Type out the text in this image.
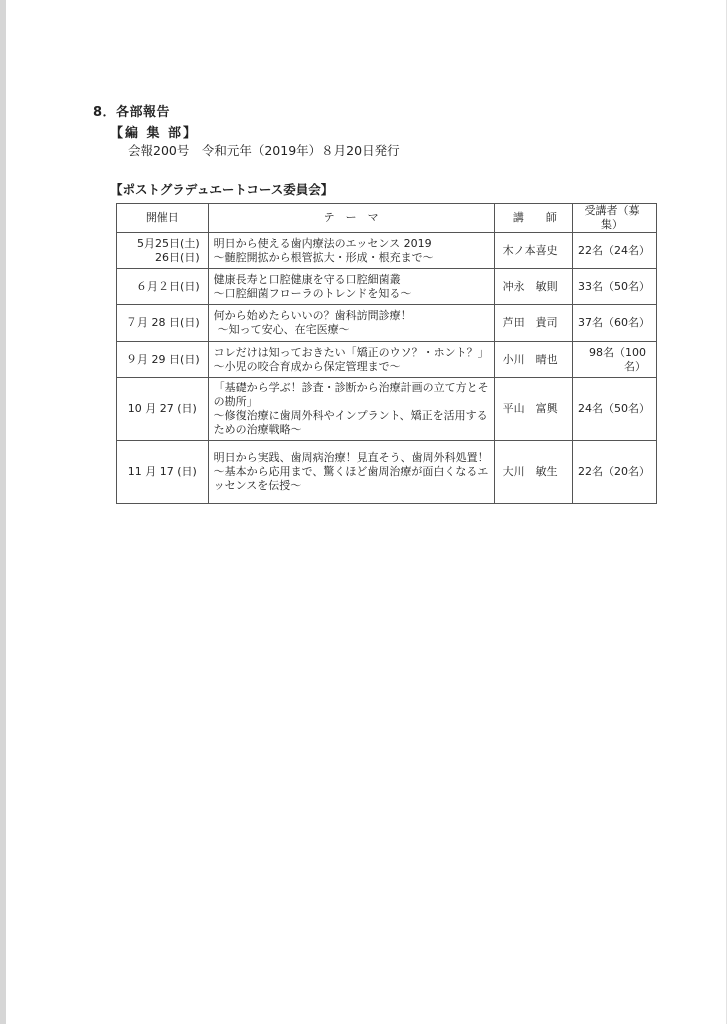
8．各部報告
【編 集 部】
会報200号　令和元年（2019年）８月20日発行
【ポストグラデュエートコース委員会】
開催日	テ　ー　マ	講　　師	受講者（募集）

5月25日(土)
26日(日)	明日から使える歯内療法のエッセンス 2019
〜髄腔開拡から根管拡大・形成・根充まで〜	木ノ本喜史	22名（24名）

６月２日(日)	健康長寿と口腔健康を守る口腔細菌叢
〜口腔細菌フローラのトレンドを知る〜	冲永　敏則	33名（50名）

７月 28 日(日)	何から始めたらいいの？歯科訪問診療！
〜知って安心、在宅医療〜	芦田　貴司	37名（60名）

９月 29 日(日)	コレだけは知っておきたい「矯正のウソ？・ホント？」
〜小児の咬合育成から保定管理まで〜	小川　晴也	98名（100名）

10 月 27 (日)	「基礎から学ぶ！診査・診断から治療計画の立て方とその勘所」
〜修復治療に歯周外科やインプラント、矯正を活用するための治療戦略〜	平山　富興	24名（50名）

11 月 17 (日)	明日から実践、歯周病治療！見直そう、歯周外科処置！
〜基本から応用まで、驚くほど歯周治療が面白くなるエッセンスを伝授〜	大川　敏生	22名（20名）
